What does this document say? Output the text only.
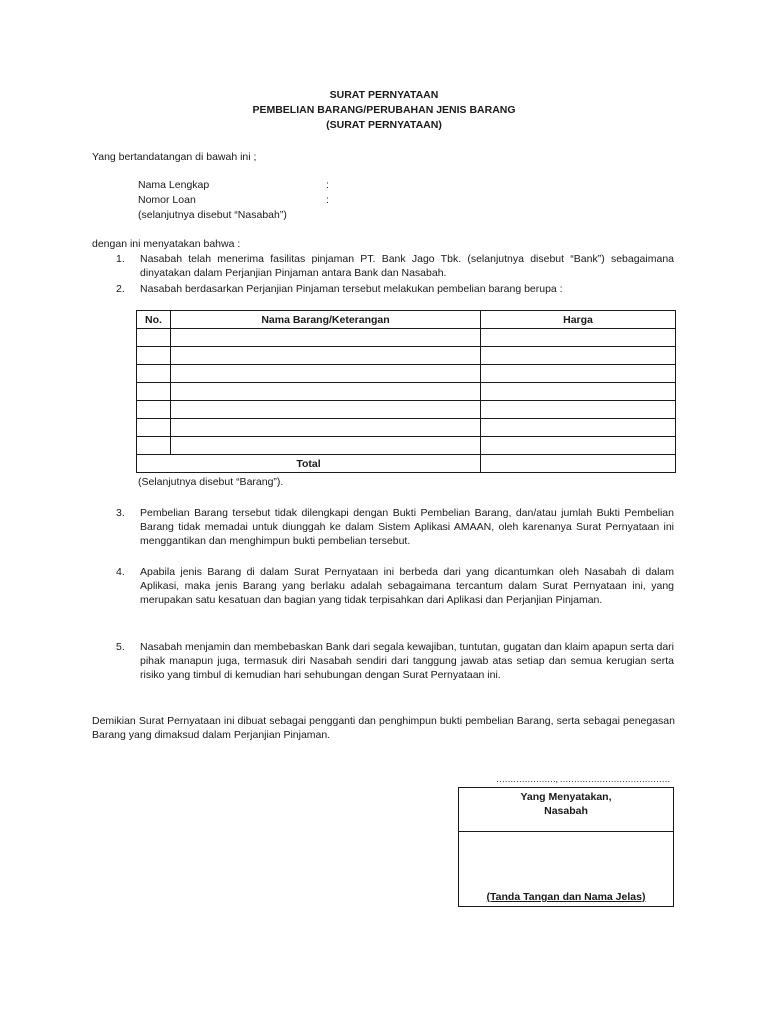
SURAT PERNYATAAN
PEMBELIAN BARANG/PERUBAHAN JENIS BARANG
(SURAT PERNYATAAN)
Yang bertandatangan di bawah ini ;
Nama Lengkap	:
Nomor Loan	:
(selanjutnya disebut “Nasabah”)
dengan ini menyatakan bahwa :
1. Nasabah telah menerima fasilitas pinjaman PT. Bank Jago Tbk. (selanjutnya disebut “Bank”) sebagaimana dinyatakan dalam Perjanjian Pinjaman antara Bank dan Nasabah.
2. Nasabah berdasarkan Perjanjian Pinjaman tersebut melakukan pembelian barang berupa :
No.	Nama Barang/Keterangan	Harga

Total		
(Selanjutnya disebut “Barang”).
3. Pembelian Barang tersebut tidak dilengkapi dengan Bukti Pembelian Barang, dan/atau jumlah Bukti Pembelian Barang tidak memadai untuk diunggah ke dalam Sistem Aplikasi AMAAN, oleh karenanya Surat Pernyataan ini menggantikan dan menghimpun bukti pembelian tersebut.
4. Apabila jenis Barang di dalam Surat Pernyataan ini berbeda dari yang dicantumkan oleh Nasabah di dalam Aplikasi, maka jenis Barang yang berlaku adalah sebagaimana tercantum dalam Surat Pernyataan ini, yang merupakan satu kesatuan dan bagian yang tidak terpisahkan dari Aplikasi dan Perjanjian Pinjaman.
5. Nasabah menjamin dan membebaskan Bank dari segala kewajiban, tuntutan, gugatan dan klaim apapun serta dari pihak manapun juga, termasuk diri Nasabah sendiri dari tanggung jawab atas setiap dan semua kerugian serta risiko yang timbul di kemudian hari sehubungan dengan Surat Pernyataan ini.
Demikian Surat Pernyataan ini dibuat sebagai pengganti dan penghimpun bukti pembelian Barang, serta sebagai penegasan Barang yang dimaksud dalam Perjanjian Pinjaman.
…………………, …………………………………
Yang Menyatakan,
Nasabah
(Tanda Tangan dan Nama Jelas)
